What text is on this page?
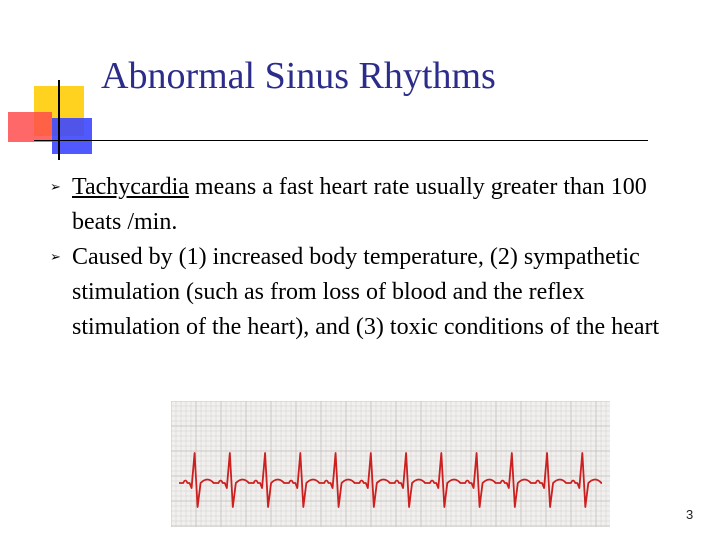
Abnormal Sinus Rhythms

➢ Tachycardia means a fast heart rate usually greater than 100 beats /min.

➢ Caused by (1) increased body temperature, (2) sympathetic stimulation (such as from loss of blood and the reflex stimulation of the heart), and (3) toxic conditions of the heart

3
